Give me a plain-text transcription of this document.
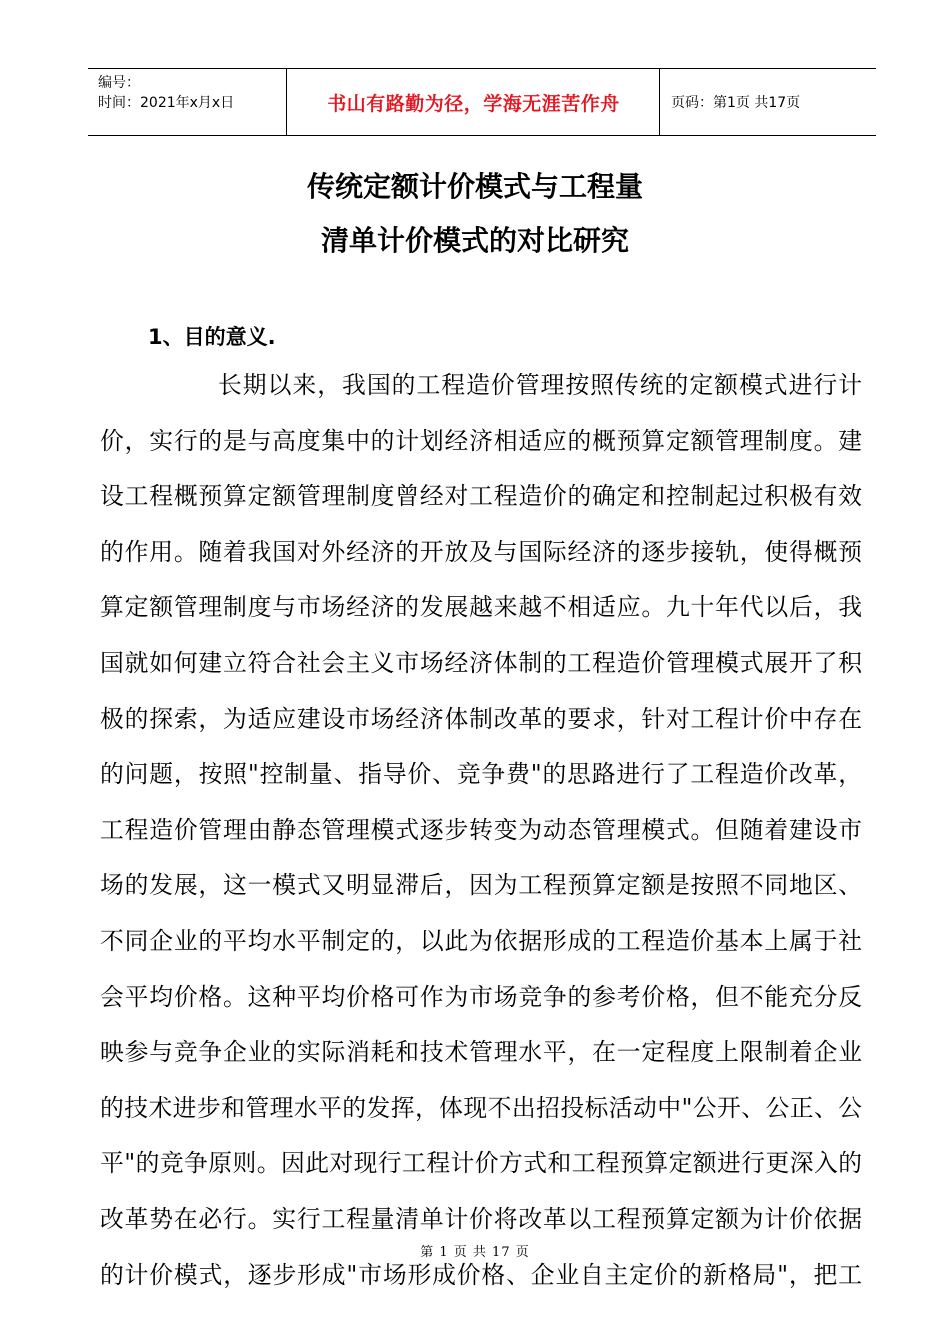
编号：
时间：2021年x月x日	书山有路勤为径，学海无涯苦作舟	页码：第1页 共17页
传统定额计价模式与工程量
清单计价模式的对比研究
1、目的意义.
长期以来，我国的工程造价管理按照传统的定额模式进行计
价，实行的是与高度集中的计划经济相适应的概预算定额管理制度。建
设工程概预算定额管理制度曾经对工程造价的确定和控制起过积极有效
的作用。随着我国对外经济的开放及与国际经济的逐步接轨，使得概预
算定额管理制度与市场经济的发展越来越不相适应。九十年代以后，我
国就如何建立符合社会主义市场经济体制的工程造价管理模式展开了积
极的探索，为适应建设市场经济体制改革的要求，针对工程计价中存在
的问题，按照"控制量、指导价、竞争费"的思路进行了工程造价改革，
工程造价管理由静态管理模式逐步转变为动态管理模式。但随着建设市
场的发展，这一模式又明显滞后，因为工程预算定额是按照不同地区、
不同企业的平均水平制定的，以此为依据形成的工程造价基本上属于社
会平均价格。这种平均价格可作为市场竞争的参考价格，但不能充分反
映参与竞争企业的实际消耗和技术管理水平，在一定程度上限制着企业
的技术进步和管理水平的发挥，体现不出招投标活动中"公开、公正、公
平"的竞争原则。因此对现行工程计价方式和工程预算定额进行更深入的
改革势在必行。实行工程量清单计价将改革以工程预算定额为计价依据
的计价模式，逐步形成"市场形成价格、企业自主定价的新格局"，把工
第 1 页 共 17 页
